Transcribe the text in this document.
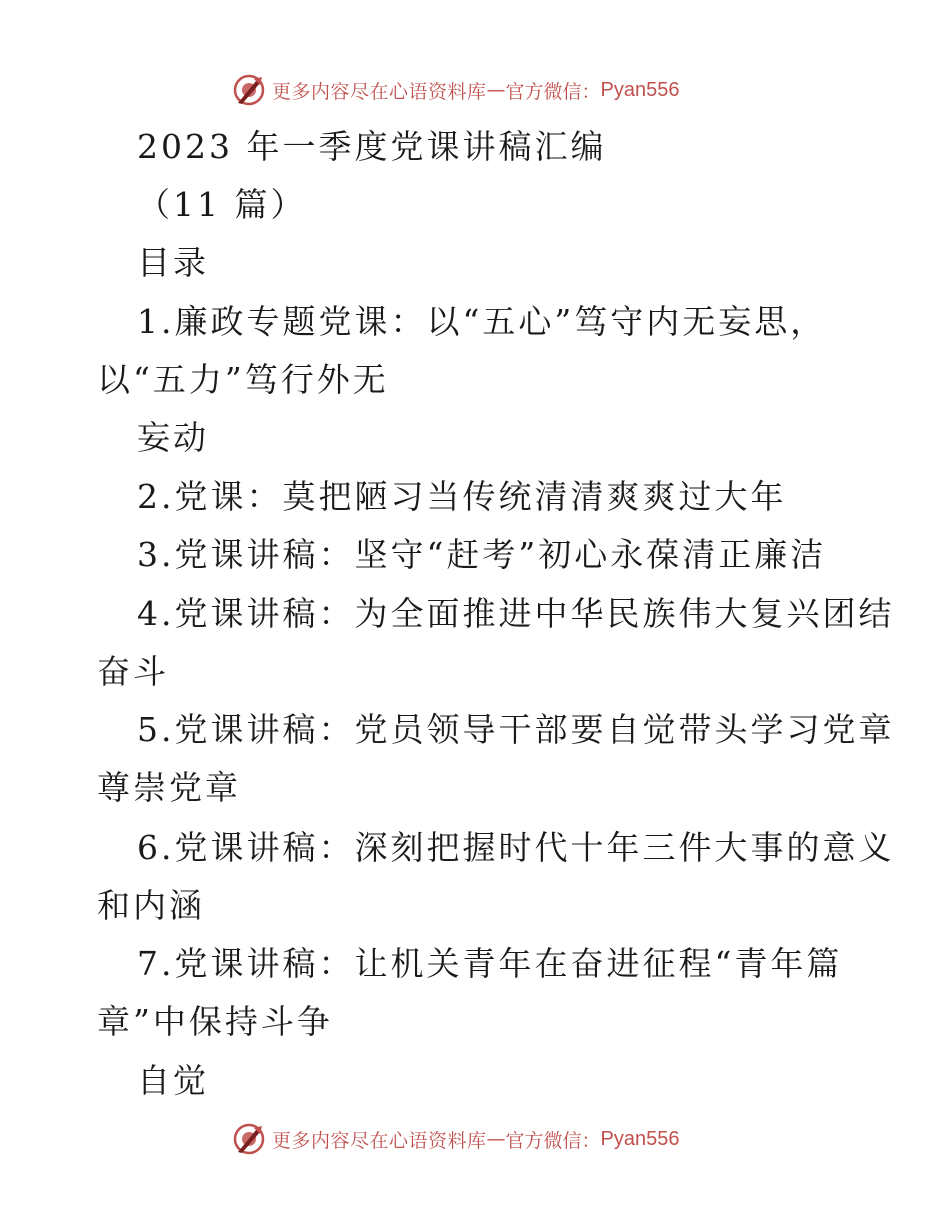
更多内容尽在心语资料库 — 官方微信： Pyan556
2023 年一季度党课讲稿汇编
（11 篇）
目录
1.廉政专题党课：以“五心”笃守内无妄思，
以“五力”笃行外无
妄动
2.党课：莫把陋习当传统清清爽爽过大年
3.党课讲稿：坚守“赶考”初心永葆清正廉洁
4.党课讲稿：为全面推进中华民族伟大复兴团结
奋斗
5.党课讲稿：党员领导干部要自觉带头学习党章
尊崇党章
6.党课讲稿：深刻把握时代十年三件大事的意义
和内涵
7.党课讲稿：让机关青年在奋进征程“青年篇
章”中保持斗争
自觉
更多内容尽在心语资料库 — 官方微信： Pyan556
